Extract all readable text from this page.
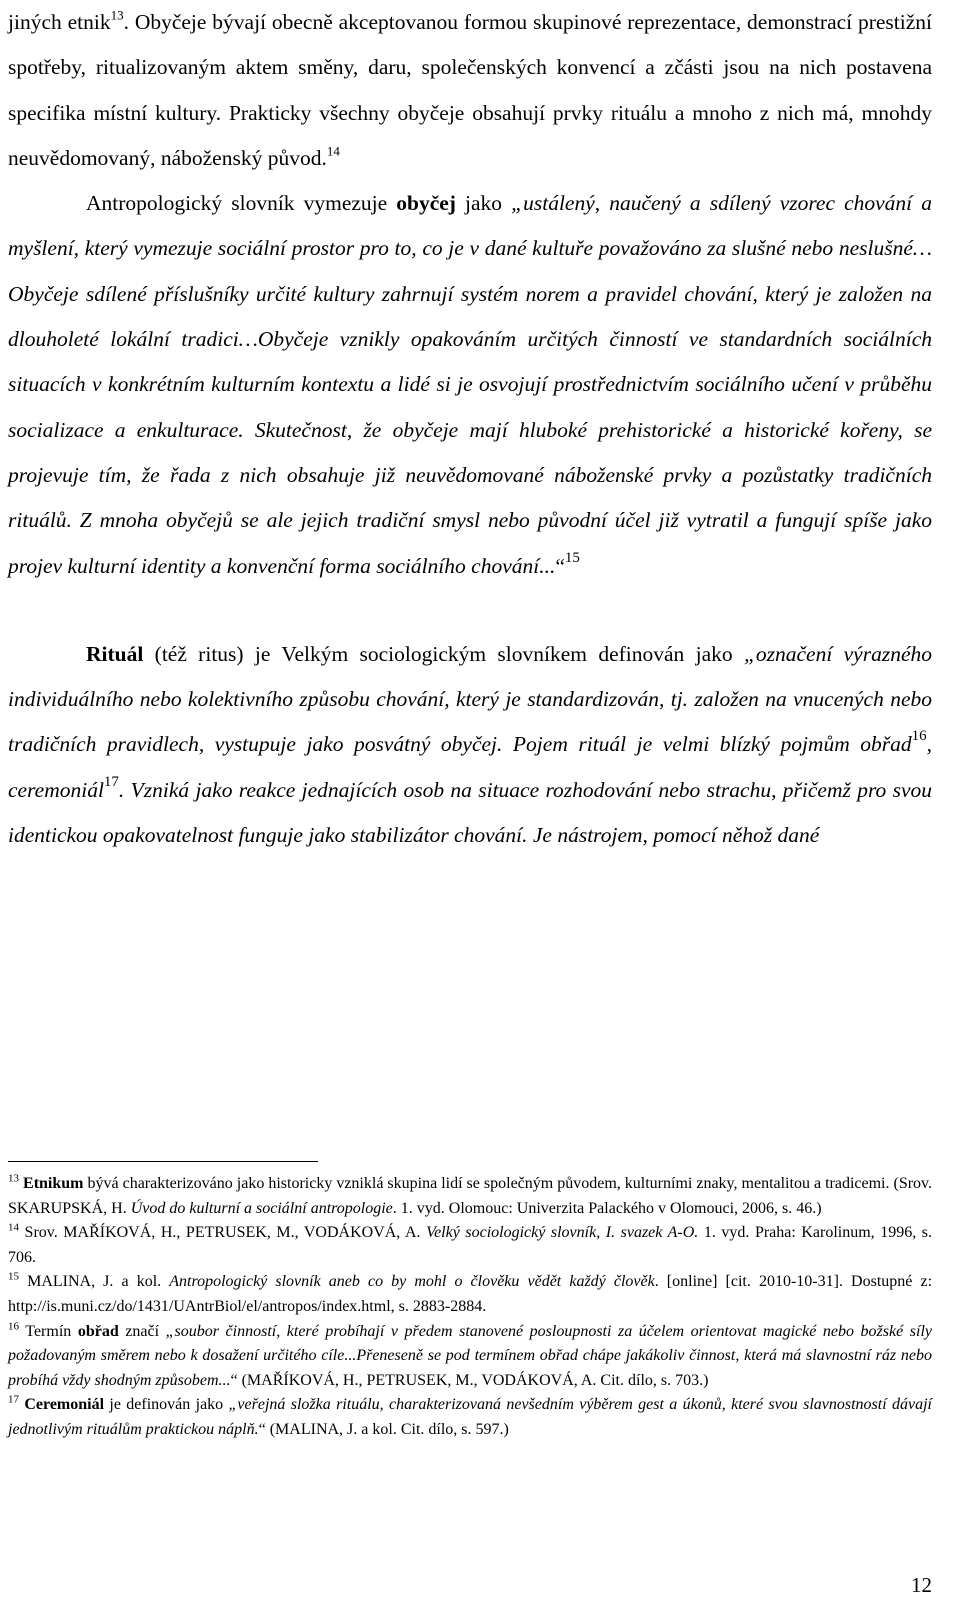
jiných etnik$^{13}$. Obyčeje bývají obecně akceptovanou formou skupinové reprezentace, demonstrací prestižní spotřeby, ritualizovaným aktem směny, daru, společenských konvencí a zčásti jsou na nich postavena specifika místní kultury. Prakticky všechny obyčeje obsahují prvky rituálu a mnoho z nich má, mnohdy neuvědomovaný, náboženský původ.$^{14}$

Antropologický slovník vymezuje obyčej jako „ustálený, naučený a sdílený vzorec chování a myšlení, který vymezuje sociální prostor pro to, co je v dané kultuře považováno za slušné nebo neslušné…Obyčeje sdílené příslušníky určité kultury zahrnují systém norem a pravidel chování, který je založen na dlouholeté lokální tradici…Obyčeje vznikly opakováním určitých činností ve standardních sociálních situacích v konkrétním kulturním kontextu a lidé si je osvojují prostřednictvím sociálního učení v průběhu socializace a enkulturace. Skutečnost, že obyčeje mají hluboké prehistorické a historické kořeny, se projevuje tím, že řada z nich obsahuje již neuvědomované náboženské prvky a pozůstatky tradičních rituálů. Z mnoha obyčejů se ale jejich tradiční smysl nebo původní účel již vytratil a fungují spíše jako projev kulturní identity a konvenční forma sociálního chování...“$^{15}$

Rituál (též ritus) je Velkým sociologickým slovníkem definován jako „označení výrazného individuálního nebo kolektivního způsobu chování, který je standardizován, tj. založen na vnucených nebo tradičních pravidlech, vystupuje jako posvátný obyčej. Pojem rituál je velmi blízký pojmům obřad$^{16}$, ceremoniál$^{17}$. Vzniká jako reakce jednajících osob na situace rozhodování nebo strachu, přičemž pro svou identickou opakovatelnost funguje jako stabilizátor chování. Je nástrojem, pomocí něhož dané

$^{13}$ Etnikum bývá charakterizováno jako historicky vzniklá skupina lidí se společným původem, kulturními znaky, mentalitou a tradicemi. (Srov. SKARUPSKÁ, H. Úvod do kulturní a sociální antropologie. 1. vyd. Olomouc: Univerzita Palackého v Olomouci, 2006, s. 46.)

$^{14}$ Srov. MAŘÍKOVÁ, H., PETRUSEK, M., VODÁKOVÁ, A. Velký sociologický slovník, I. svazek A-O. 1. vyd. Praha: Karolinum, 1996, s. 706.

$^{15}$ MALINA, J. a kol. Antropologický slovník aneb co by mohl o člověku vědět každý člověk. [online] [cit. 2010-10-31]. Dostupné z: http://is.muni.cz/do/1431/UAntrBiol/el/antropos/index.html, s. 2883-2884.

$^{16}$ Termín obřad značí „soubor činností, které probíhají v předem stanovené posloupnosti za účelem orientovat magické nebo božské síly požadovaným směrem nebo k dosažení určitého cíle...Přeneseně se pod termínem obřad chápe jakákoliv činnost, která má slavnostní ráz nebo probíhá vždy shodným způsobem...“ (MAŘÍKOVÁ, H., PETRUSEK, M., VODÁKOVÁ, A. Cit. dílo, s. 703.)

$^{17}$ Ceremoniál je definován jako „veřejná složka rituálu, charakterizovaná nevšedním výběrem gest a úkonů, které svou slavnostností dávají jednotlivým rituálům praktickou náplň.“ (MALINA, J. a kol. Cit. dílo, s. 597.)

12
